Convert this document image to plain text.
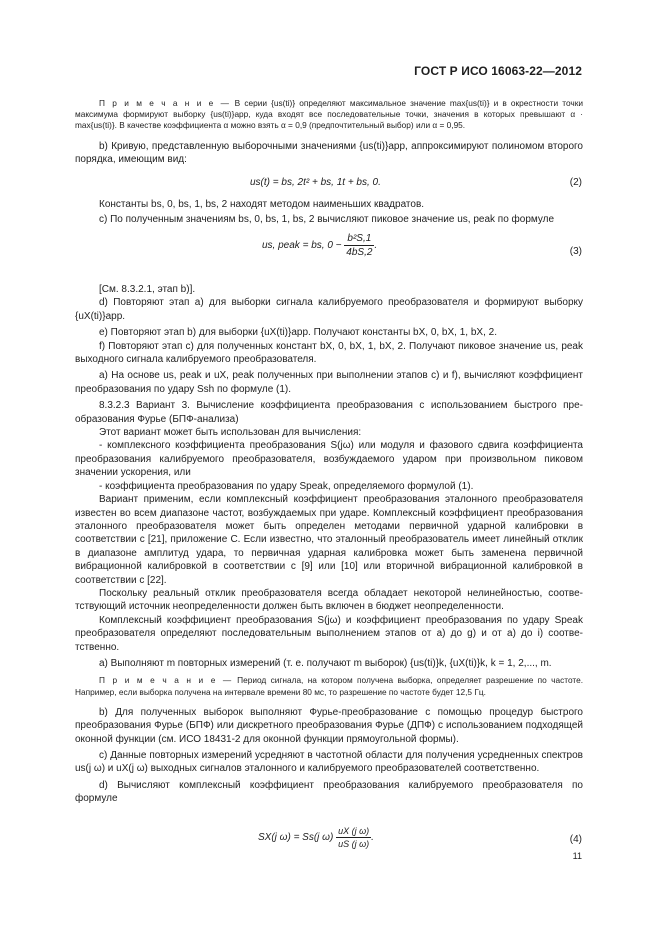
ГОСТ Р ИСО 16063-22—2012

П р и м е ч а н и е — В серии {us(ti)} определяют максимальное значение max{us(ti)} и в окрестности точки максимума формируют выборку {us(ti)}app, куда входят все последовательные точки, значения в которых превышают α · max{us(ti)}. В качестве коэффициента α можно взять α = 0,9 (предпочтительный выбор) или α = 0,95.

b) Кривую, представленную выборочными значениями {us(ti)}app, аппроксимируют полиномом второго порядка, имеющим вид:

us(t) = bs, 2t² + bs, 1t + bs, 0.	(2)

Константы bs, 0, bs, 1, bs, 2 находят методом наименьших квадратов.

c) По полученным значениям bs, 0, bs, 1, bs, 2 вычисляют пиковое значение us, peak по формуле

us, peak = bs, $0 - \frac{\text{b²S,1}}{4bS,2}$ .
(3)

[См. 8.3.2.1, этап b)].

d) Повторяют этап а) для выборки сигнала калибруемого преобразователя и формируют выборку {uX(ti)}app.

e) Повторяют этап b) для выборки {uX(ti)}app. Получают константы bX, 0, bX, 1, bX, 2.

f) Повторяют этап c) для полученных констант bX, 0, bX, 1, bX, 2. Получают пиковое значение us, peak выходного сигнала калибруемого преобразователя.

a) На основе us, peak и uX, peak полученных при выполнении этапов c) и f), вычисляют коэффициент преобразования по удару Ssh по формуле (1).

8.3.2.3 Вариант 3. Вычисление коэффициента преобразования с использованием быстрого преобразования Фурье (БПФ-анализа)

Этот вариант может быть использован для вычисления:

- комплексного коэффициента преобразования S(jω) или модуля и фазового сдвига коэффициента преобразования калибруемого преобразователя, возбуждаемого ударом при произвольном пиковом значении ускорения, или

- коэффициента преобразования по удару Speak, определяемого формулой (1).

Вариант применим, если комплексный коэффициент преобразования эталонного преобразователя известен во всем диапазоне частот, возбуждаемых при ударе. Комплексный коэффициент преобразования эталонного преобразователя может быть определен методами первичной ударной калибровки в соответствии с [21], приложение C. Если известно, что эталонный преобразователь имеет линейный отклик в диапазоне амплитуд удара, то первичная ударная калибровка может быть заменена первичной вибрационной калибровкой в соответствии с [9] или [10] или вторичной вибрационной калибровкой в соответствии с [22].

Поскольку реальный отклик преобразователя всегда обладает некоторой нелинейностью, соответствующий источник неопределенности должен быть включен в бюджет неопределенности.

Комплексный коэффициент преобразования S(jω) и коэффициент преобразования по удару Speak преобразователя определяют последовательным выполнением этапов от а) до g) и от а) до i) соответственно.

а) Выполняют m повторных измерений (т. е. получают m выборок) {us(ti)}k, {uX(ti)}k, k = 1, 2,..., m.

П р и м е ч а н и е — Период сигнала, на котором получена выборка, определяет разрешение по частоте. Например, если выборка получена на интервале времени 80 мс, то разрешение по частоте будет 12,5 Гц.

b) Для полученных выборок выполняют Фурье-преобразование с помощью процедур быстрого преобразования Фурье (БПФ) или дискретного преобразования Фурье (ДПФ) с использованием подходящей оконной функции (см. ИСО 18431-2 для оконной функции прямоугольной формы).

c) Данные повторных измерений усредняют в частотной области для получения усредненных спектров us(j ω) и uX(j ω) выходных сигналов эталонного и калибруемого преобразователей соответственно.

d) Вычисляют комплексный коэффициент преобразования калибруемого преобразователя по формуле

SX(j ω) = Ss(j $\omega) \frac{\text{uX (j ω)}}{\text{uS (j ω)}}$ .	(4)
11
